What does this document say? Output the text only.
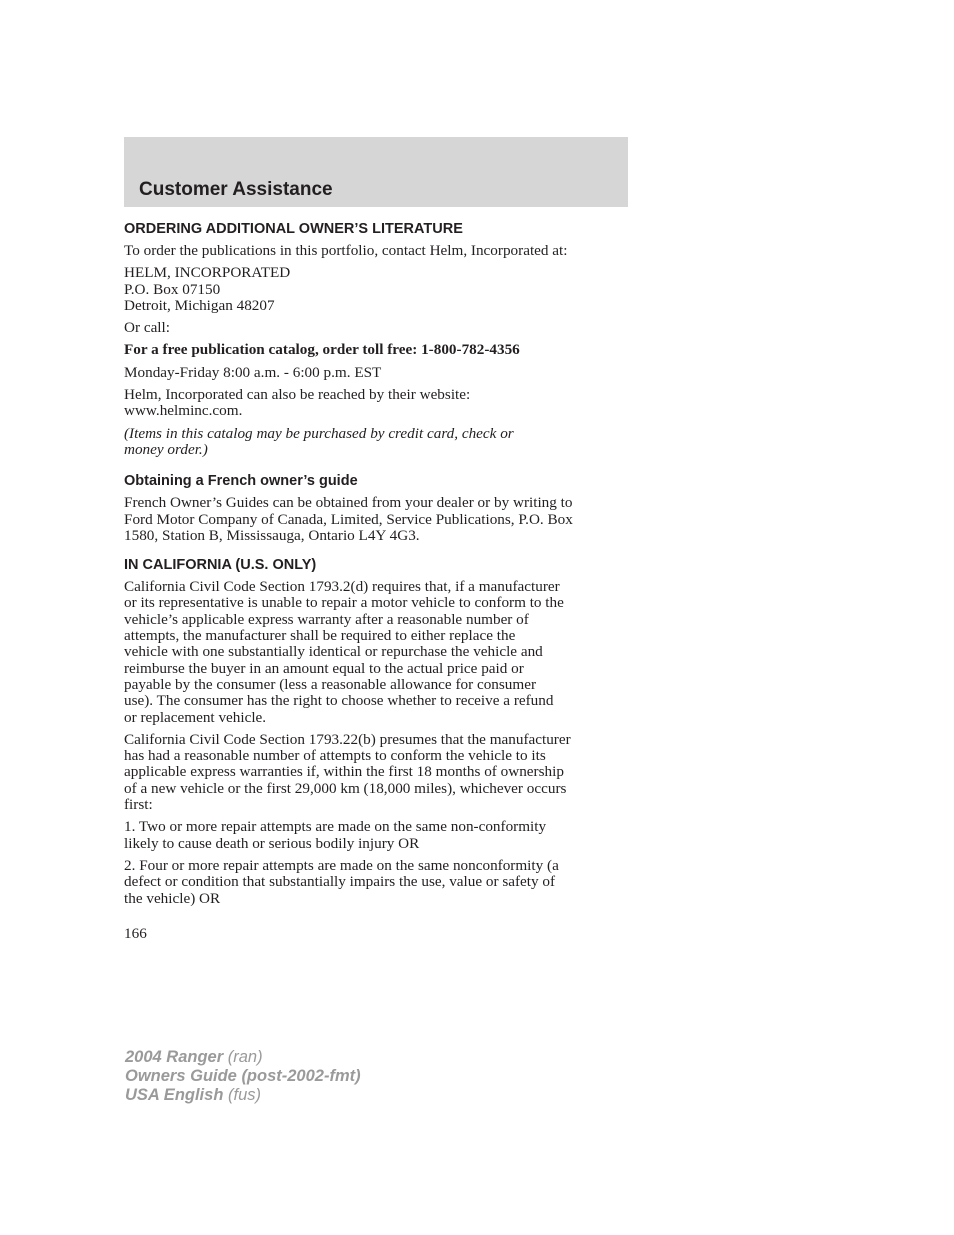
Customer Assistance
ORDERING ADDITIONAL OWNER’S LITERATURE
To order the publications in this portfolio, contact Helm, Incorporated at:
HELM, INCORPORATED
P.O. Box 07150
Detroit, Michigan 48207
Or call:
For a free publication catalog, order toll free: 1-800-782-4356
Monday-Friday 8:00 a.m. - 6:00 p.m. EST
Helm, Incorporated can also be reached by their website:
www.helminc.com.
(Items in this catalog may be purchased by credit card, check or
money order.)
Obtaining a French owner’s guide
French Owner’s Guides can be obtained from your dealer or by writing to
Ford Motor Company of Canada, Limited, Service Publications, P.O. Box
1580, Station B, Mississauga, Ontario L4Y 4G3.
IN CALIFORNIA (U.S. ONLY)
California Civil Code Section 1793.2(d) requires that, if a manufacturer
or its representative is unable to repair a motor vehicle to conform to the
vehicle’s applicable express warranty after a reasonable number of
attempts, the manufacturer shall be required to either replace the
vehicle with one substantially identical or repurchase the vehicle and
reimburse the buyer in an amount equal to the actual price paid or
payable by the consumer (less a reasonable allowance for consumer
use). The consumer has the right to choose whether to receive a refund
or replacement vehicle.
California Civil Code Section 1793.22(b) presumes that the manufacturer
has had a reasonable number of attempts to conform the vehicle to its
applicable express warranties if, within the first 18 months of ownership
of a new vehicle or the first 29,000 km (18,000 miles), whichever occurs
first:
1. Two or more repair attempts are made on the same non-conformity
likely to cause death or serious bodily injury OR
2. Four or more repair attempts are made on the same nonconformity (a
defect or condition that substantially impairs the use, value or safety of
the vehicle) OR
166
2004 Ranger (ran)
Owners Guide (post-2002-fmt)
USA English (fus)
